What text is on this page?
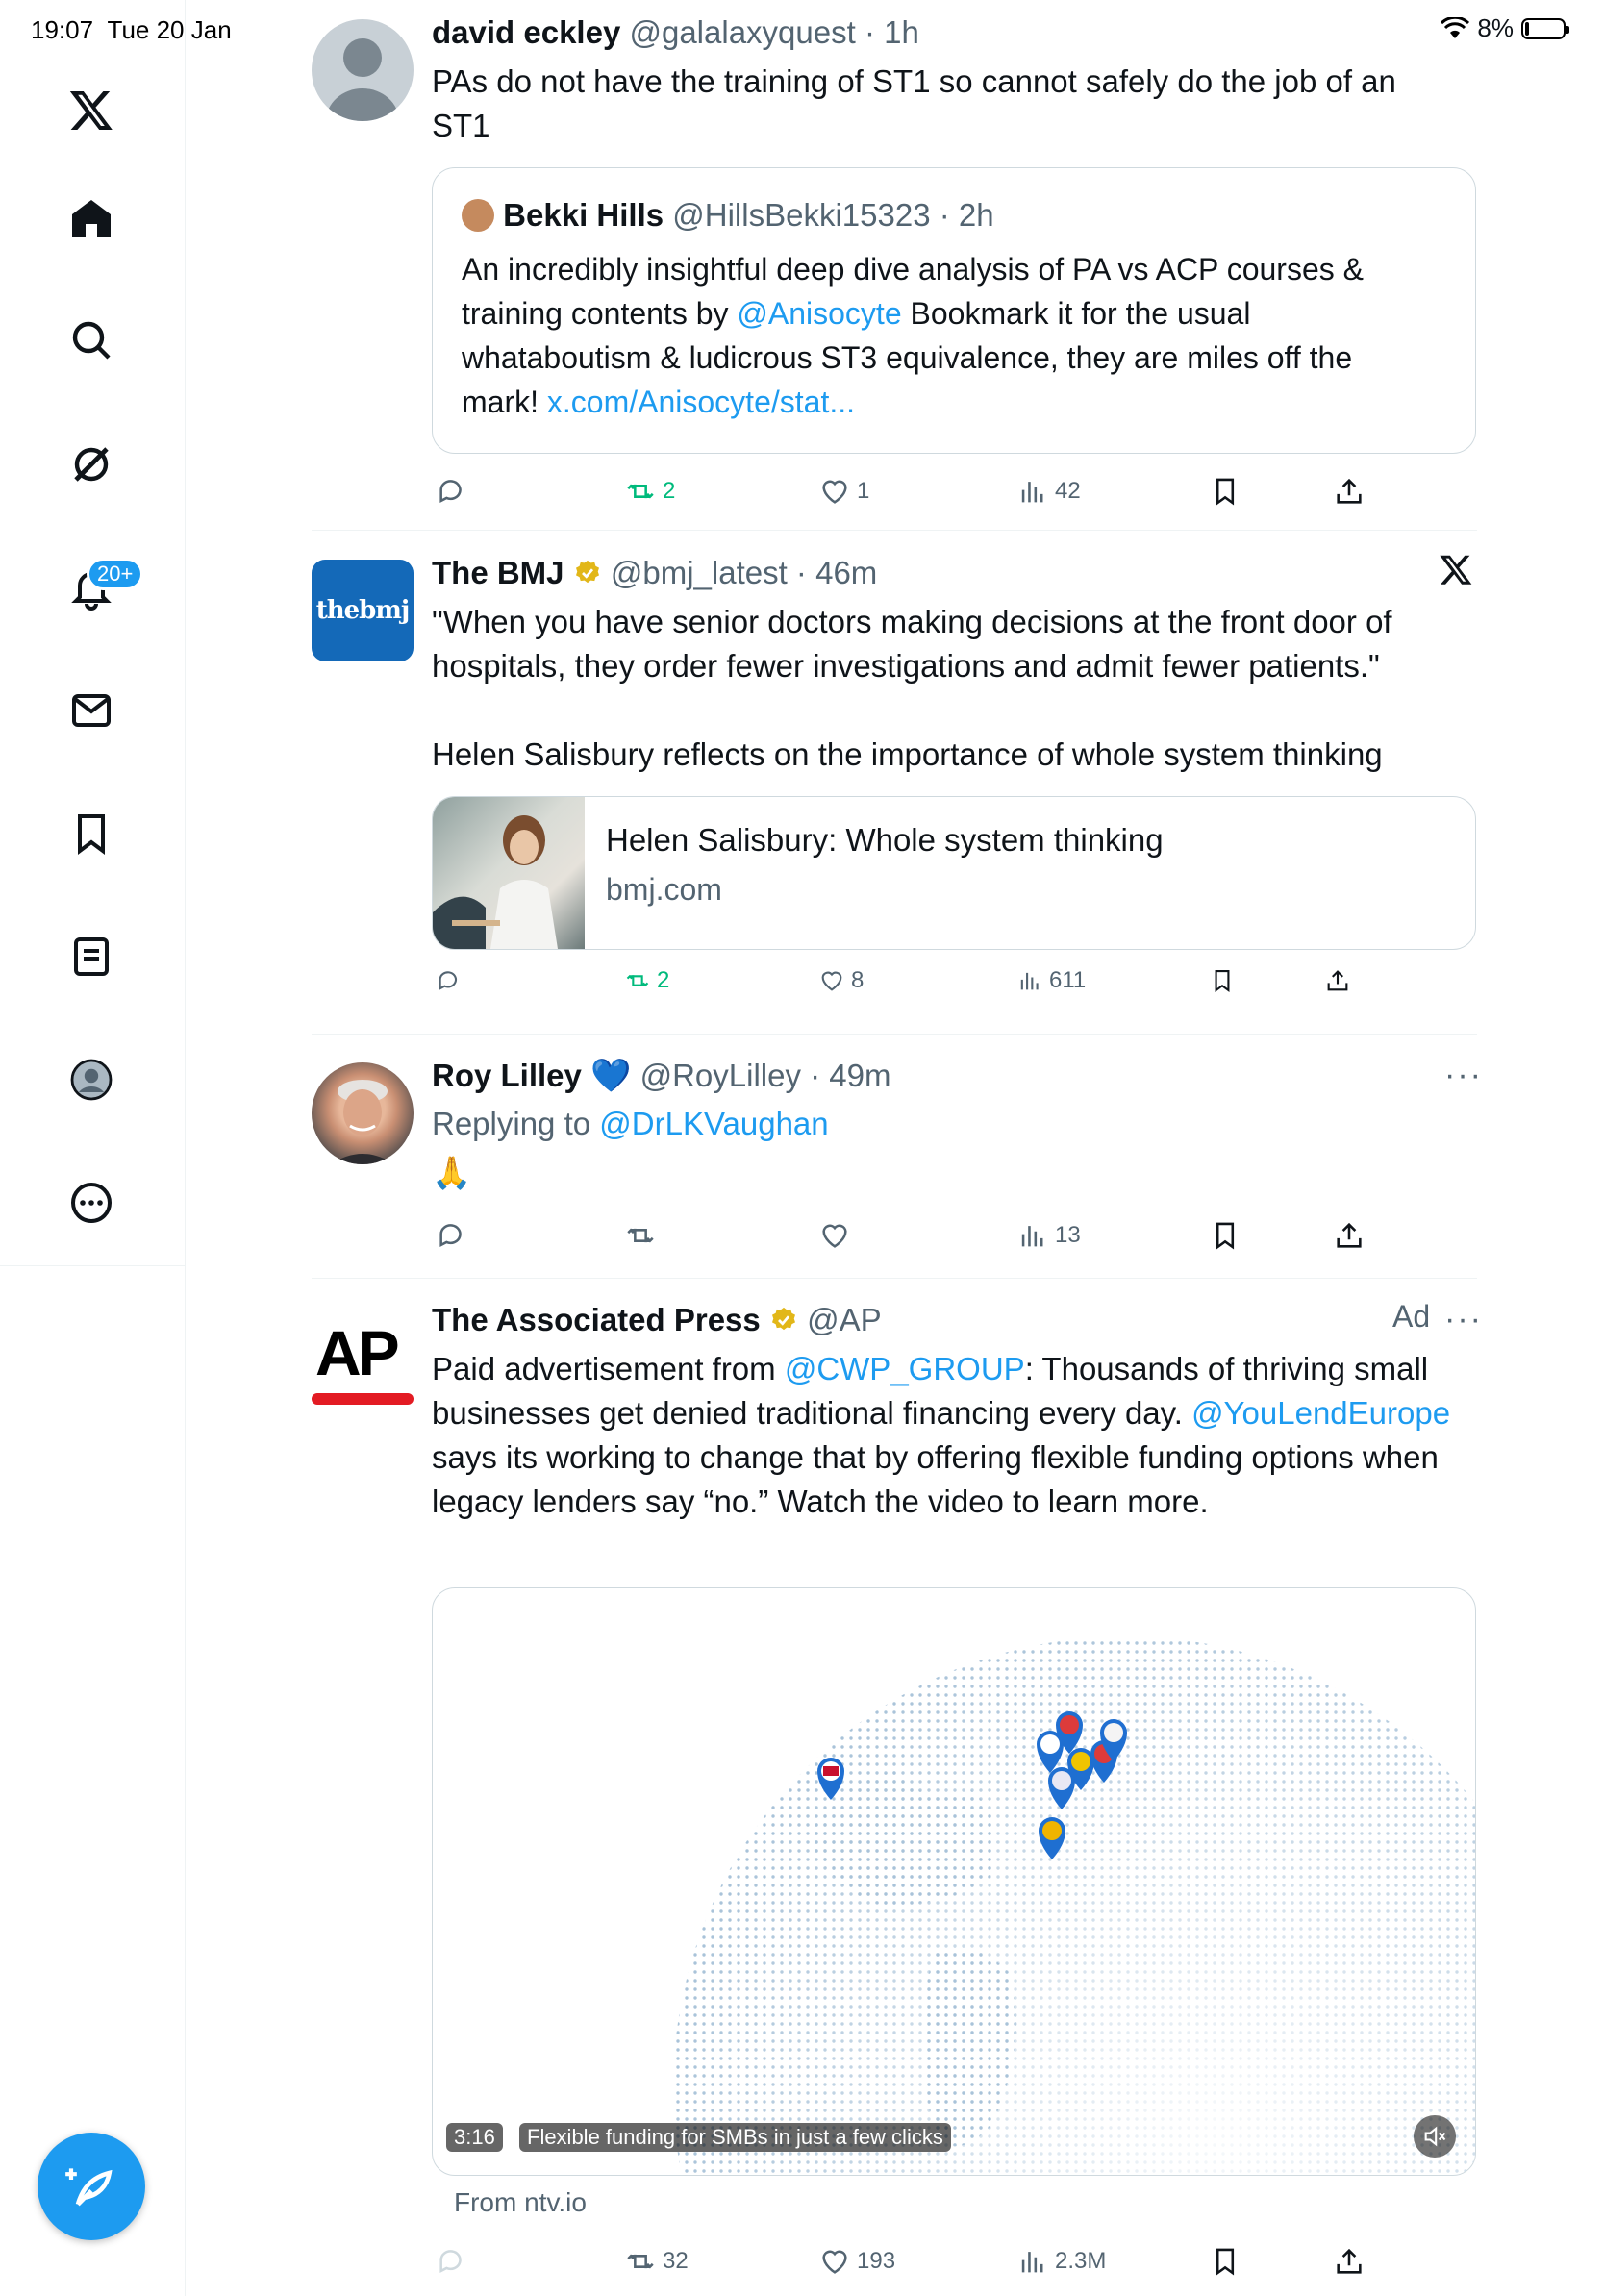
19:07 Tue 20 Jan	8%
20+
david eckley @galalaxyquest · 1h
PAs do not have the training of ST1 so cannot safely do the job of an ST1
Bekki Hills @HillsBekki15323 · 2h
An incredibly insightful deep dive analysis of PA vs ACP courses & training contents by @Anisocyte Bookmark it for the usual whataboutism & ludicrous ST3 equivalence, they are miles off the mark! x.com/Anisocyte/stat...
2	1	42
thebmj
The BMJ @bmj_latest · 46m
"When you have senior doctors making decisions at the front door of hospitals, they order fewer investigations and admit fewer patients."
Helen Salisbury reflects on the importance of whole system thinking
Helen Salisbury: Whole system thinking
bmj.com
2	8	611
Roy Lilley 💙 @RoyLilley · 49m
Replying to @DrLKVaughan
🙏
···
13
AP The Associated Press @AP
Paid advertisement from @CWP_GROUP: Thousands of thriving small businesses get denied traditional financing every day. @YouLendEurope says its working to change that by offering flexible funding options when legacy lenders say “no.” Watch the video to learn more.
Ad ···
3:16	Flexible funding for SMBs in just a few clicks
From ntv.io
32	193	2.3M
